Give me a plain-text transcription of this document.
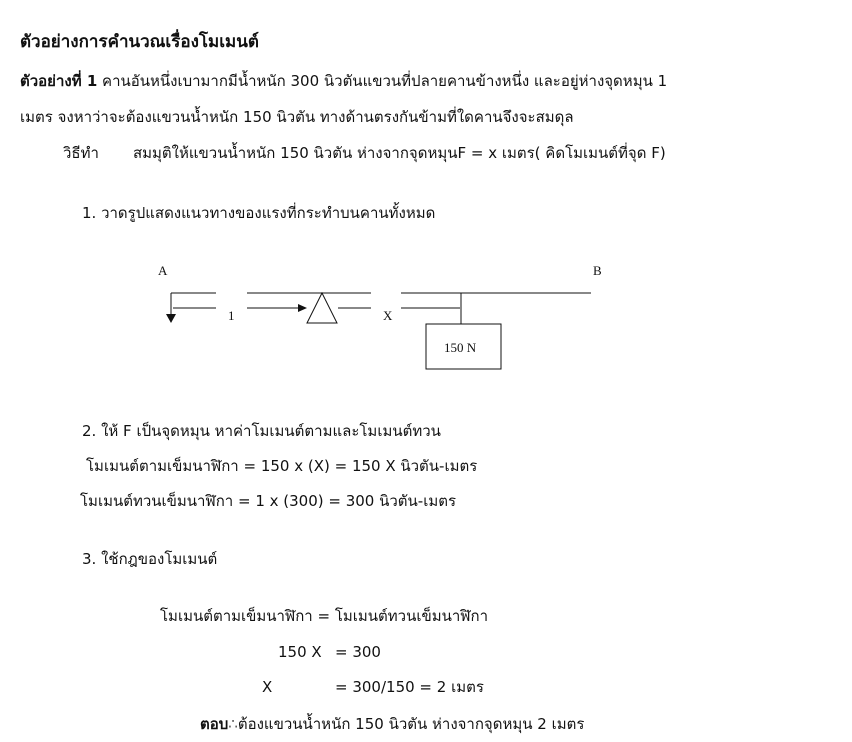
ตัวอย่างการคำนวณเรื่องโมเมนต์
ตัวอย่างที่ 1 คานอันหนึ่งเบามากมีน้ำหนัก 300 นิวตันแขวนที่ปลายคานข้างหนึ่ง และอยู่ห่างจุดหมุน 1
เมตร จงหาว่าจะต้องแขวนน้ำหนัก 150 นิวตัน ทางด้านตรงกันข้ามที่ใดคานจึงจะสมดุล
วิธีทำ สมมุติให้แขวนน้ำหนัก 150 นิวตัน ห่างจากจุดหมุนF = x เมตร( คิดโมเมนต์ที่จุด F)
1. วาดรูปแสดงแนวทางของแรงที่กระทำบนคานทั้งหมด
A	B
1	X
150 N
2. ให้ F เป็นจุดหมุน หาค่าโมเมนต์ตามและโมเมนต์ทวน
โมเมนต์ตามเข็มนาฬิกา = 150 x (X) = 150 X นิวตัน-เมตร
โมเมนต์ทวนเข็มนาฬิกา = 1 x (300) = 300 นิวตัน-เมตร
3. ใช้กฎของโมเมนต์
โมเมนต์ตามเข็มนาฬิกา = โมเมนต์ทวนเข็มนาฬิกา
150 X = 300
X	= 300/150 = 2 เมตร
ตอบ∴ต้องแขวนน้ำหนัก 150 นิวตัน ห่างจากจุดหมุน 2 เมตร
